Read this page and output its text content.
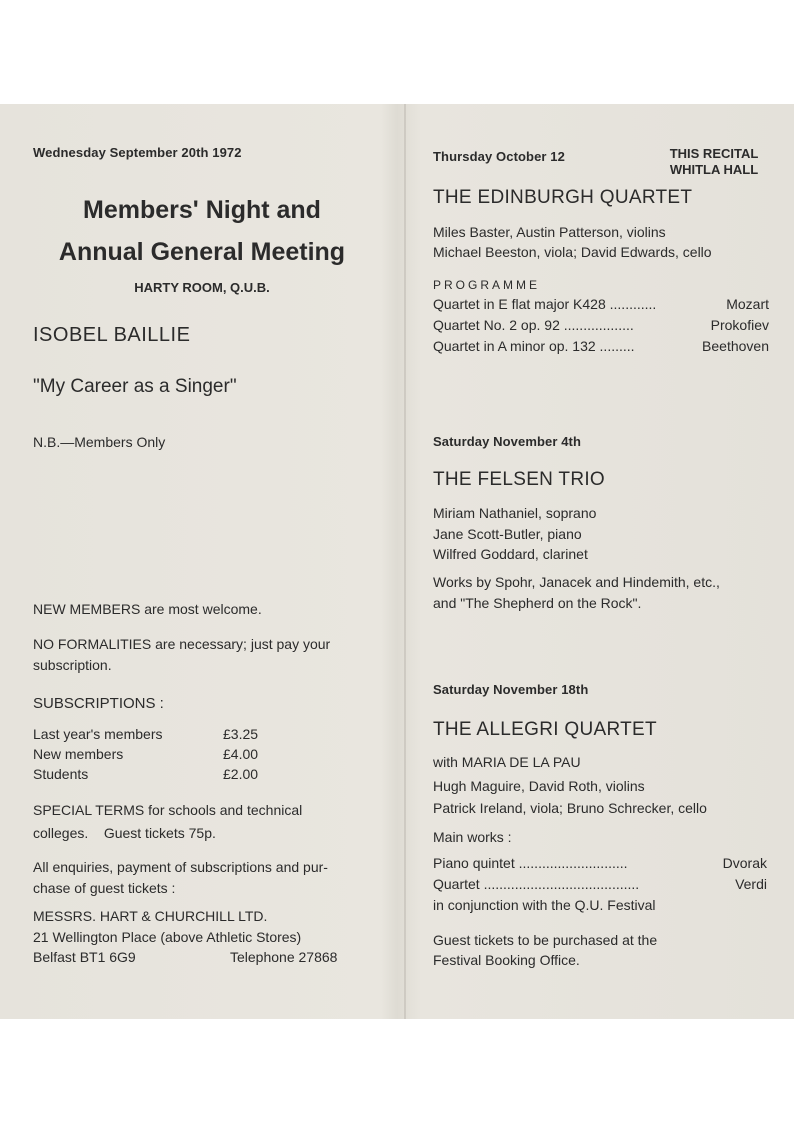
Wednesday September 20th 1972
Members' Night and
Annual General Meeting
HARTY ROOM, Q.U.B.
ISOBEL BAILLIE
"My Career as a Singer"
N.B.—Members Only
NEW MEMBERS are most welcome.
NO FORMALITIES are necessary; just pay your
subscription.
SUBSCRIPTIONS :
Last year's members	£3.25
New members	£4.00
Students	£2.00
SPECIAL TERMS for schools and technical
colleges.    Guest tickets 75p.
All enquiries, payment of subscriptions and pur-
chase of guest tickets :
MESSRS. HART & CHURCHILL LTD.
21 Wellington Place (above Athletic Stores)
Belfast BT1 6G9	Telephone 27868
Thursday October 12	THIS RECITAL
WHITLA HALL
THE EDINBURGH QUARTET
Miles Baster, Austin Patterson, violins
Michael Beeston, viola; David Edwards, cello
PROGRAMME
Quartet in E flat major K428 ............	Mozart
Quartet No. 2 op. 92 ..................	Prokofiev
Quartet in A minor op. 132 .........	Beethoven
Saturday November 4th
THE FELSEN TRIO
Miriam Nathaniel, soprano
Jane Scott-Butler, piano
Wilfred Goddard, clarinet
Works by Spohr, Janacek and Hindemith, etc.,
and "The Shepherd on the Rock".
Saturday November 18th
THE ALLEGRI QUARTET
with MARIA DE LA PAU
Hugh Maguire, David Roth, violins
Patrick Ireland, viola; Bruno Schrecker, cello
Main works :
Piano quintet ............................	Dvorak
Quartet ........................................	Verdi
in conjunction with the Q.U. Festival
Guest tickets to be purchased at the
Festival Booking Office.
